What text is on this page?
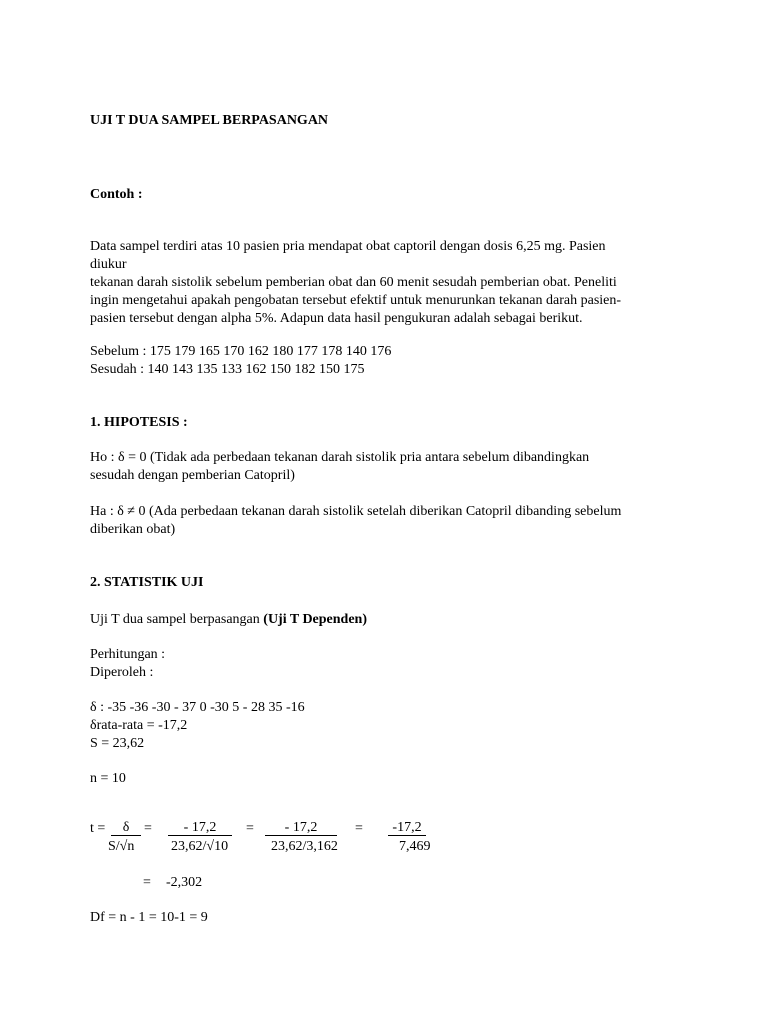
UJI T DUA SAMPEL BERPASANGAN
Contoh :
Data sampel terdiri atas 10 pasien pria mendapat obat captoril dengan dosis 6,25 mg. Pasien
diukur
tekanan darah sistolik sebelum pemberian obat dan 60 menit sesudah pemberian obat. Peneliti
ingin mengetahui apakah pengobatan tersebut efektif untuk menurunkan tekanan darah pasien-
pasien tersebut dengan alpha 5%. Adapun data hasil pengukuran adalah sebagai berikut.
Sebelum : 175 179 165 170 162 180 177 178 140 176
Sesudah : 140 143 135 133 162 150 182 150 175
1. HIPOTESIS :
Ho : δ = 0 (Tidak ada perbedaan tekanan darah sistolik pria antara sebelum dibandingkan
sesudah dengan pemberian Catopril)
Ha : δ ≠ 0 (Ada perbedaan tekanan darah sistolik setelah diberikan Catopril dibanding sebelum
diberikan obat)
2. STATISTIK UJI
Uji T dua sampel berpasangan (Uji T Dependen)
Perhitungan :
Diperoleh :
δ : -35 -36 -30 - 37 0 -30 5 - 28 35 -16
δrata-rata = -17,2
S = 23,62
n = 10
t =	δ
S/√n
=	- 17,2
23,62/√10
=	- 17,2
23,62/3,162
=	-17,2
7,469
= -2,302
Df = n - 1 = 10-1 = 9
